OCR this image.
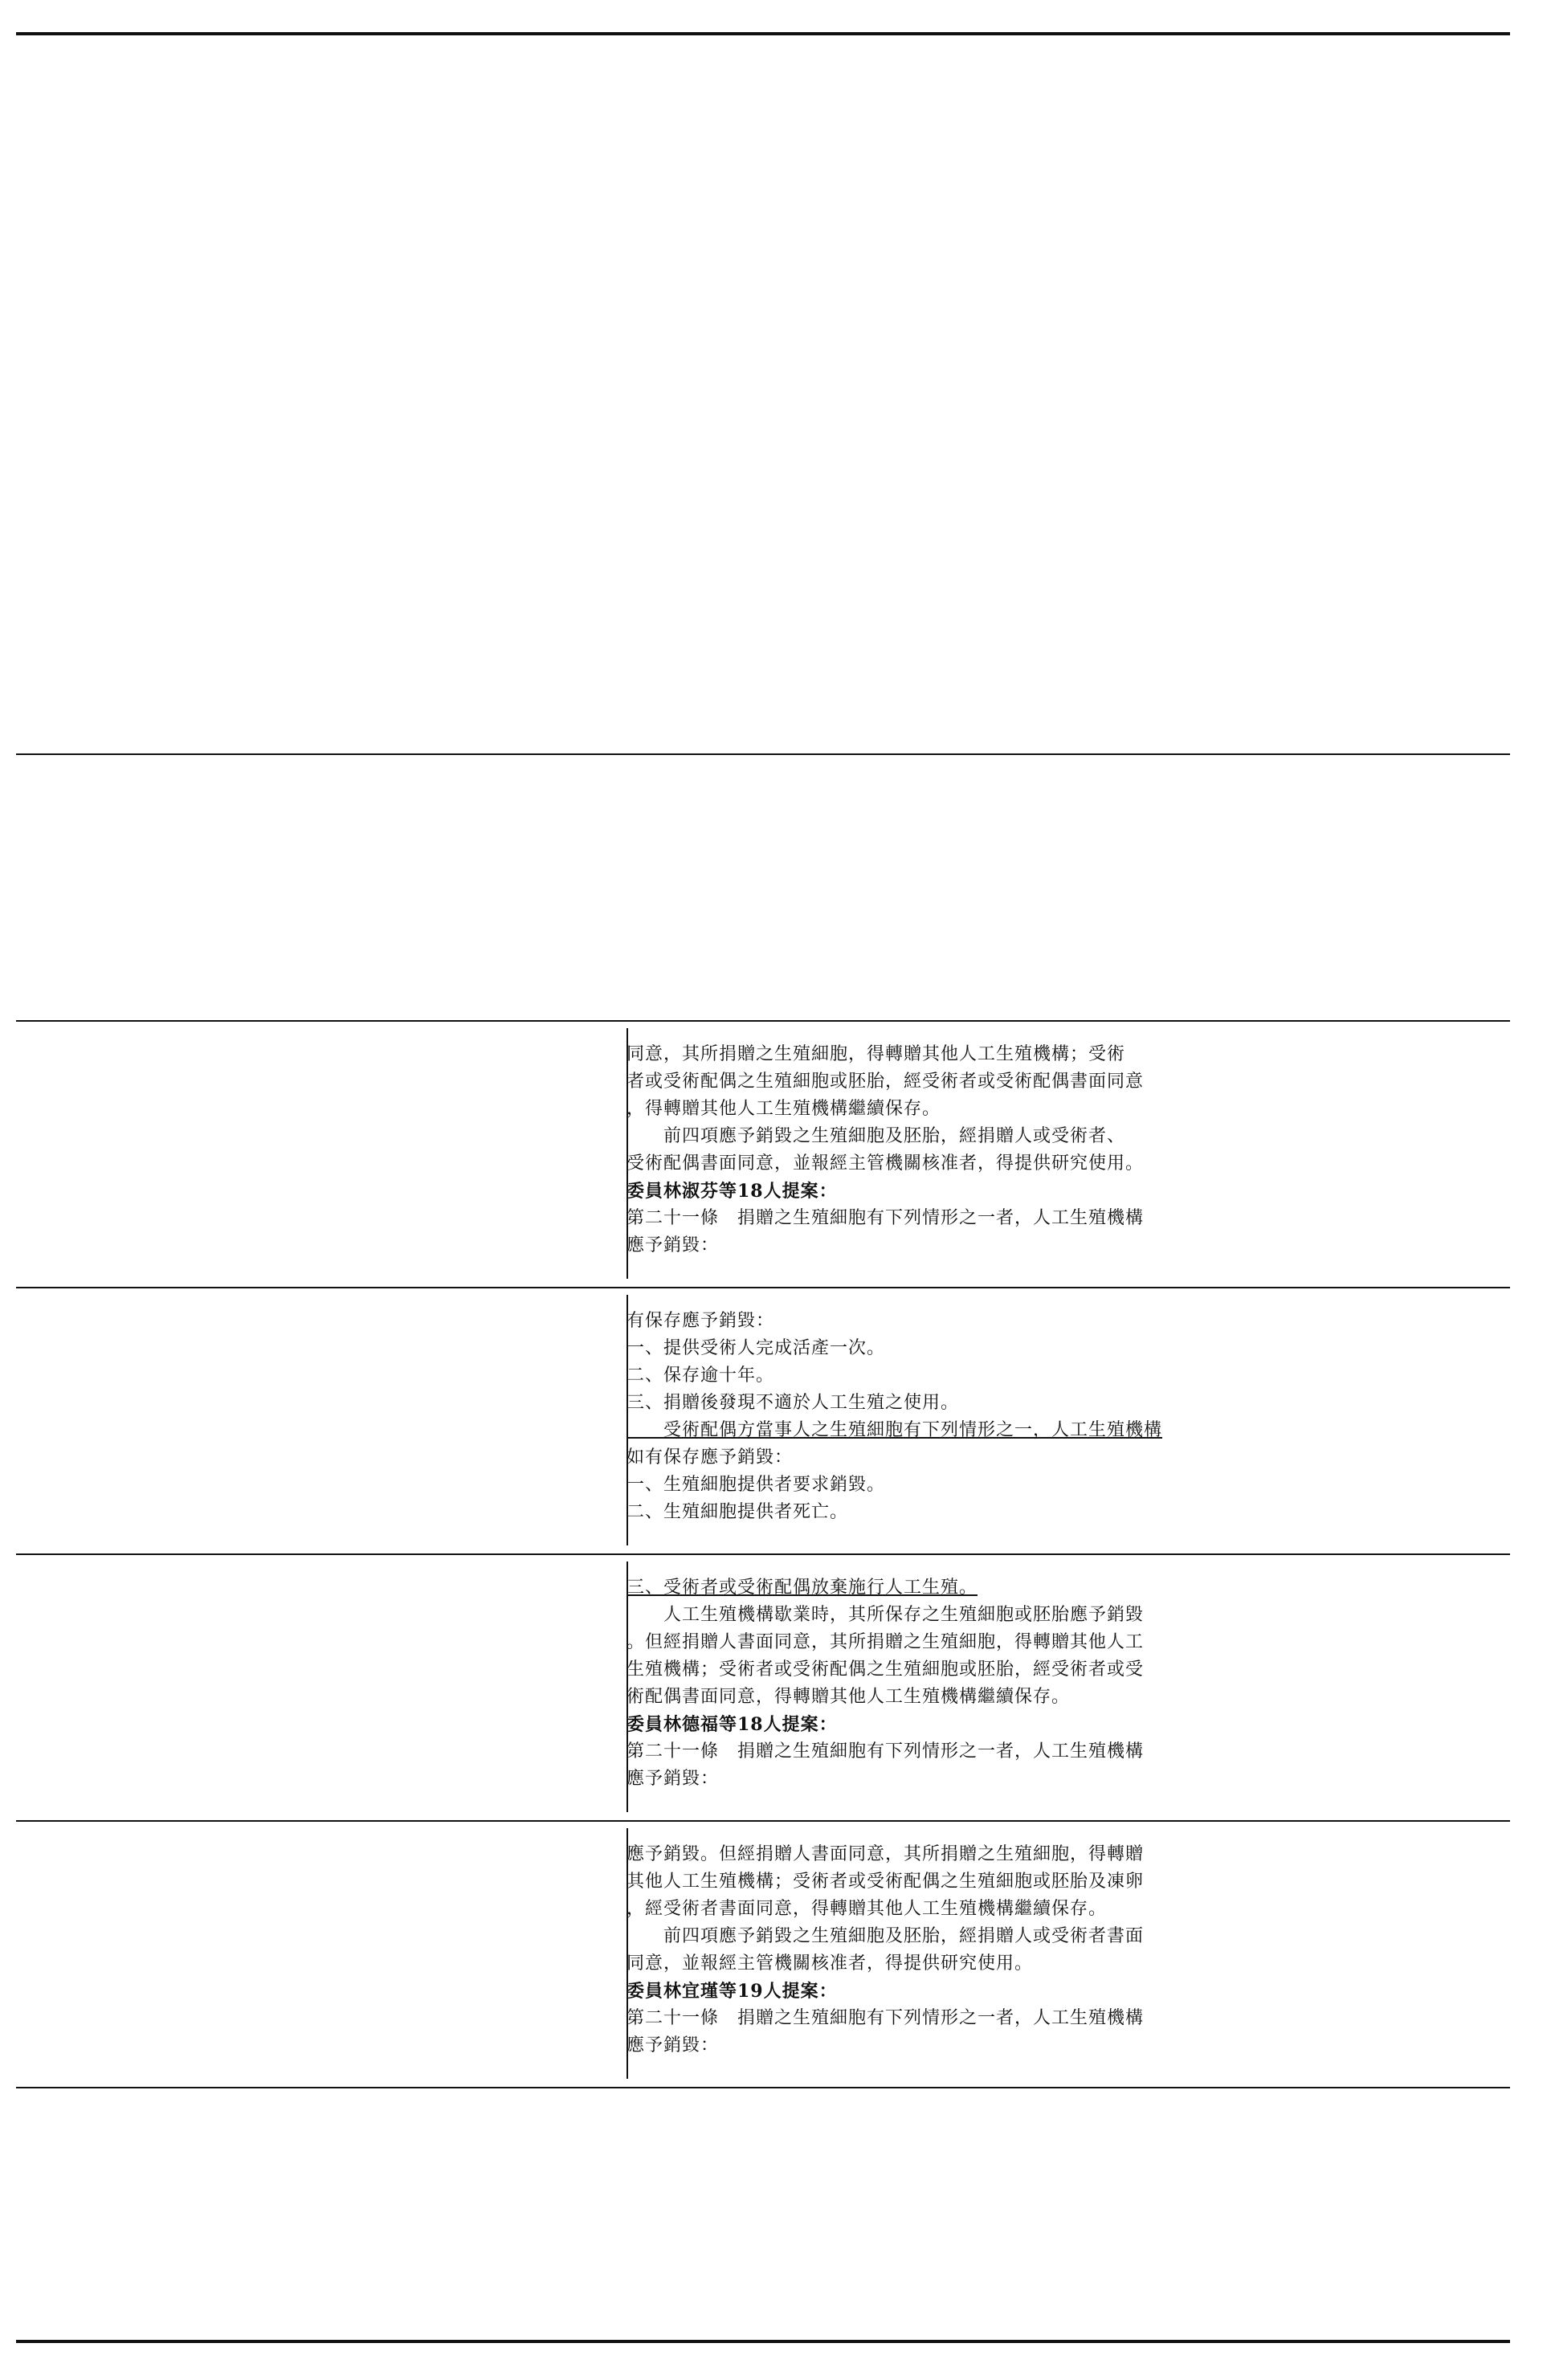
同意，其所捐贈之生殖細胞，得轉贈其他人工生殖機構；受術
者或受術配偶之生殖細胞或胚胎，經受術者或受術配偶書面同意
，得轉贈其他人工生殖機構繼續保存。
　　前四項應予銷毀之生殖細胞及胚胎，經捐贈人或受術者、
受術配偶書面同意，並報經主管機關核准者，得提供研究使用。
委員林淑芬等18人提案：
第二十一條　捐贈之生殖細胞有下列情形之一者，人工生殖機構
應予銷毀：
有保存應予銷毀：
一、提供受術人完成活產一次。
二、保存逾十年。
三、捐贈後發現不適於人工生殖之使用。
　　受術配偶方當事人之生殖細胞有下列情形之一，人工生殖機構
如有保存應予銷毀：
一、生殖細胞提供者要求銷毀。
二、生殖細胞提供者死亡。
三、受術者或受術配偶放棄施行人工生殖。
　　人工生殖機構歇業時，其所保存之生殖細胞或胚胎應予銷毀
。但經捐贈人書面同意，其所捐贈之生殖細胞，得轉贈其他人工
生殖機構；受術者或受術配偶之生殖細胞或胚胎，經受術者或受
術配偶書面同意，得轉贈其他人工生殖機構繼續保存。
委員林德福等18人提案：
第二十一條　捐贈之生殖細胞有下列情形之一者，人工生殖機構
應予銷毀：
應予銷毀。但經捐贈人書面同意，其所捐贈之生殖細胞，得轉贈
其他人工生殖機構；受術者或受術配偶之生殖細胞或胚胎及凍卵
，經受術者書面同意，得轉贈其他人工生殖機構繼續保存。
　　前四項應予銷毀之生殖細胞及胚胎，經捐贈人或受術者書面
同意，並報經主管機關核准者，得提供研究使用。
委員林宜瑾等19人提案：
第二十一條　捐贈之生殖細胞有下列情形之一者，人工生殖機構
應予銷毀：
